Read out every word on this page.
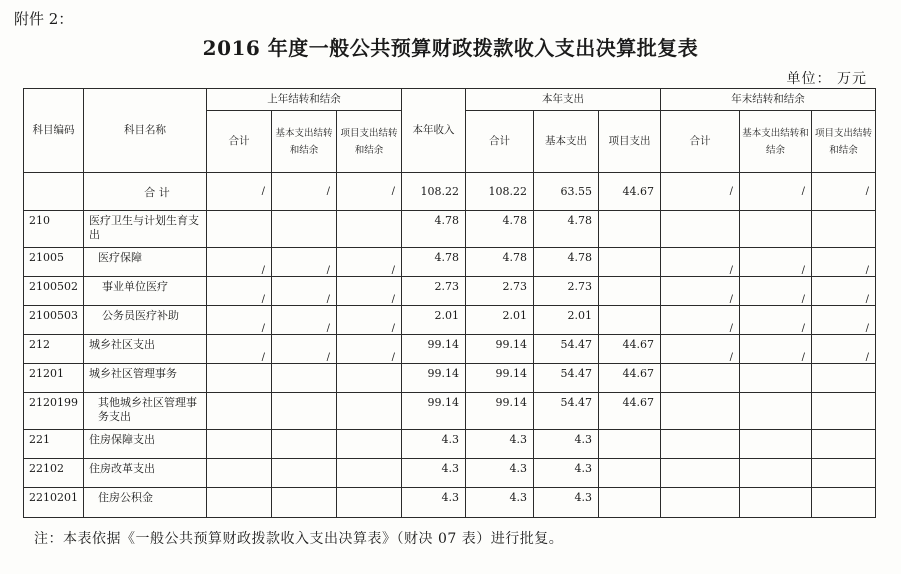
附件 2：
2016 年度一般公共预算财政拨款收入支出决算批复表
单位： 万元
科目编码	科目名称	上年结转和结余			本年收入	本年支出			年末结转和结余		
		合计	基本支出结转和结余	项目支出结转和结余		合计	基本支出	项目支出	合计	基本支出结转和结余	项目支出结转和结余
	合 计	/	/	/	108.22	108.22	63.55	44.67	/	/	/
210	医疗卫生与计划生育支出				4.78	4.78	4.78				
21005	医疗保障	/	/	/	4.78	4.78	4.78		/	/	/
2100502	事业单位医疗	/	/	/	2.73	2.73	2.73		/	/	/
2100503	公务员医疗补助	/	/	/	2.01	2.01	2.01		/	/	/
212	城乡社区支出	/	/	/	99.14	99.14	54.47	44.67	/	/	/
21201	城乡社区管理事务				99.14	99.14	54.47	44.67			
2120199	其他城乡社区管理事务支出				99.14	99.14	54.47	44.67			
221	住房保障支出				4.3	4.3	4.3				
22102	住房改革支出				4.3	4.3	4.3				
2210201	住房公积金				4.3	4.3	4.3				
注：本表依据《一般公共预算财政拨款收入支出决算表》（财决 07 表）进行批复。
